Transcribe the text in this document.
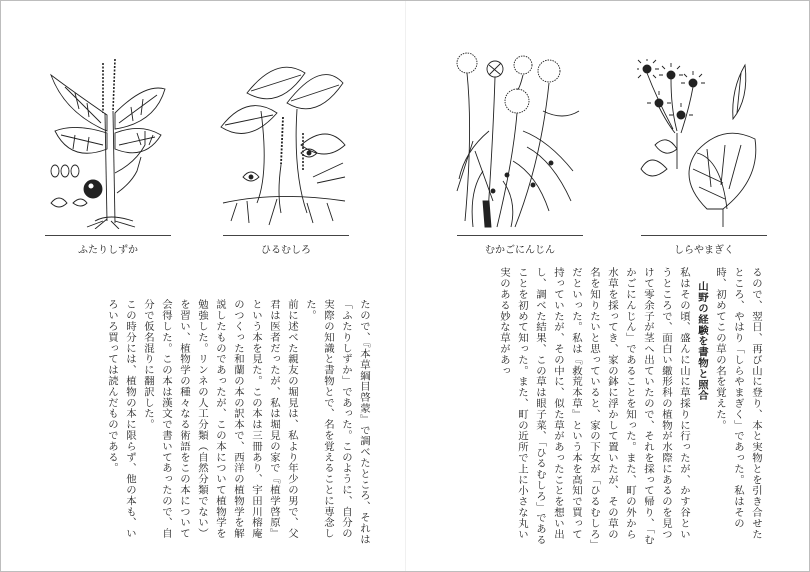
ふたりしずか	ひるむしろ	むかごにんじん	しらやまぎく
たので、『本草綱目啓蒙』で調べたところ、それは「ふたりしずか」であった。このように、自分の実際の知識と書物とで、名を覚えることに専念した。
前に述べた親友の堀見は、私より年少の男で、父君は医者だったが、私は堀見の家で『植学啓原』という本を見た。この本は三冊あり、宇田川榕庵のつくった和蘭の本の訳本で、西洋の植物学を解説したものであったが、この本について植物学を勉強した。リンネの人工分類（自然分類でない）を習い、植物学の種々なる術語をこの本について会得した。この本は漢文で書いてあったので、自分で仮名混りに翻訳した。
この時分には、植物の本に限らず、他の本も、いろいろ買っては読んだものである。	るので、翌日、再び山に登り、本と実物とを引き合せたところ、やはり「しらやまぎく」であった。私はその時、初めてこの草の名を覚えた。
山野の経験を書物と照合
私はその頃、盛んに山に草採りに行ったが、かす谷というところで、面白い繖形科の植物が水際にあるのを見つけて零余子が茎へ出ていたので、それを採って帰り、「むかごにんじん」であることを知った。また、町の外から水草を採ってき、家の鉢に浮かして置いたが、その草の名を知りたいと思っていると、家の下女が「ひるむしろ」だといった。私は『救荒本草』という本を高知で買って持っていたが、その中に、似た草があったことを想い出し、調べた結果、この草は眼子菜、「ひるむしろ」であることを初めて知った。また、町の近所で上に小さな丸い実のある妙な草があっ
